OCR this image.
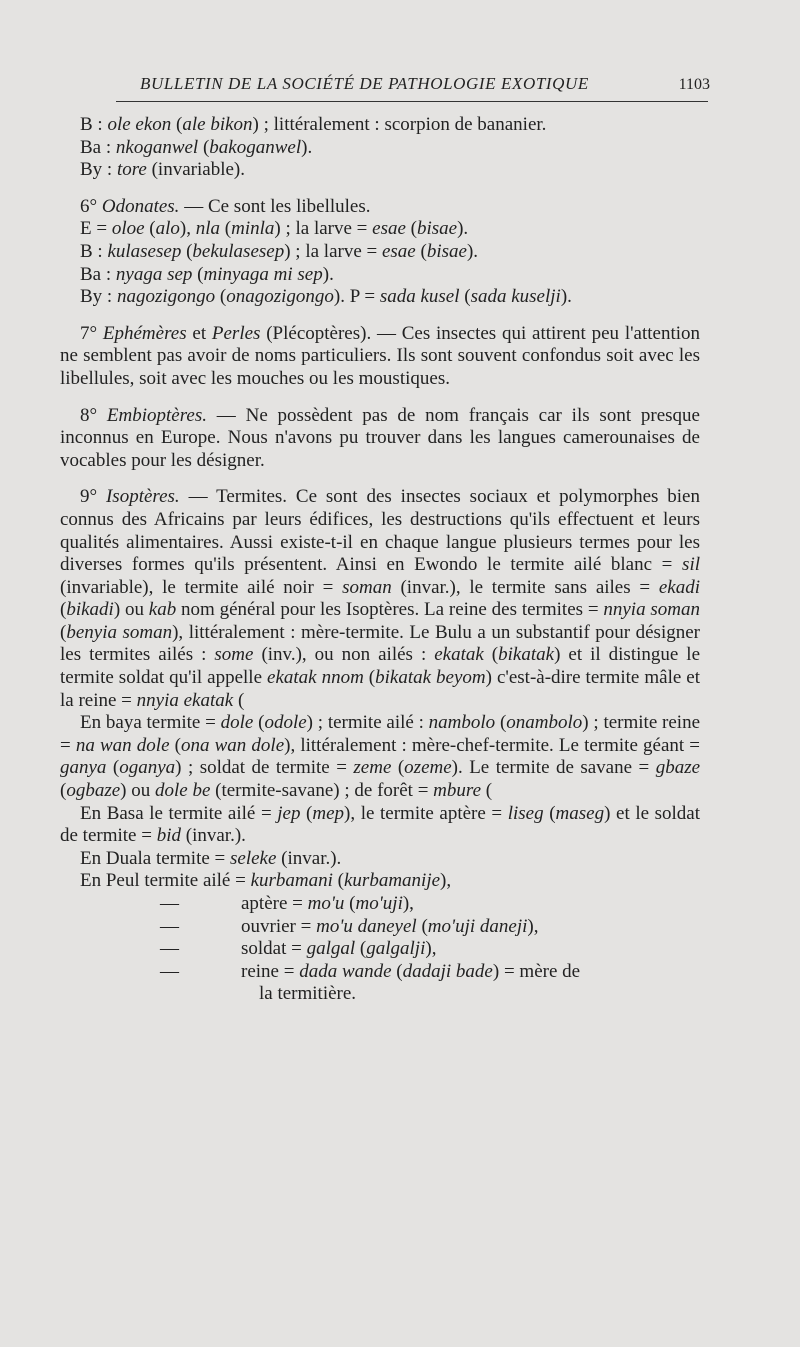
BULLETIN DE LA SOCIÉTÉ DE PATHOLOGIE EXOTIQUE	1103

B : ole ekon (ale bikon) ; littéralement : scorpion de bananier.

Ba : nkoganwel (bakoganwel).

By : tore (invariable).

6° Odonates. — Ce sont les libellules.

E = oloe (alo), nla (minla) ; la larve = esae (bisae).

B : kulasesep (bekulasesep) ; la larve = esae (bisae).

Ba : nyaga sep (minyaga mi sep).

By : nagozigongo (onagozigongo). P = sada kusel (sada kuselji).

7° Ephémères et Perles (Plécoptères). — Ces insectes qui attirent peu l'attention ne semblent pas avoir de noms particuliers. Ils sont souvent confondus soit avec les libellules, soit avec les mouches ou les moustiques.

8° Embioptères. — Ne possèdent pas de nom français car ils sont presque inconnus en Europe. Nous n'avons pu trouver dans les langues camerounaises de vocables pour les désigner.

9° Isoptères. — Termites. Ce sont des insectes sociaux et polymorphes bien connus des Africains par leurs édifices, les destructions qu'ils effectuent et leurs qualités alimentaires. Aussi existe-t-il en chaque langue plusieurs termes pour les diverses formes qu'ils présentent. Ainsi en Ewondo le termite ailé blanc = sil (invariable), le termite ailé noir = soman (invar.), le termite sans ailes = ekadi (bikadi) ou kab nom général pour les Isoptères. La reine des termites = nnyia soman (benyia soman), littéralement : mère-termite. Le Bulu a un substantif pour désigner les termites ailés : some (inv.), ou non ailés : ekatak (bikatak) et il distingue le termite soldat qu'il appelle ekatak nnom (bikatak beyom) c'est-à-dire termite mâle et la reine = nnyia ekatak (

En baya termite = dole (odole) ; termite ailé : nambolo (onambolo) ; termite reine = na wan dole (ona wan dole), littéralement : mère-chef-termite. Le termite géant = ganya (oganya) ; soldat de termite = zeme (ozeme). Le termite de savane = gbaze (ogbaze) ou dole be (termite-savane) ; de forêt = mbure (

En Basa le termite ailé = jep (mep), le termite aptère = liseg (maseg) et le soldat de termite = bid (invar.).

En Duala termite = seleke (invar.).

En Peul termite ailé = kurbamani (kurbamanije),

—	aptère = mo'u (mo'uji),
—	ouvrier = mo'u daneyel (mo'uji daneji),
—	soldat = galgal (galgalji),
—	reine = dada wande (dadaji bade) = mère de

la termitière.
